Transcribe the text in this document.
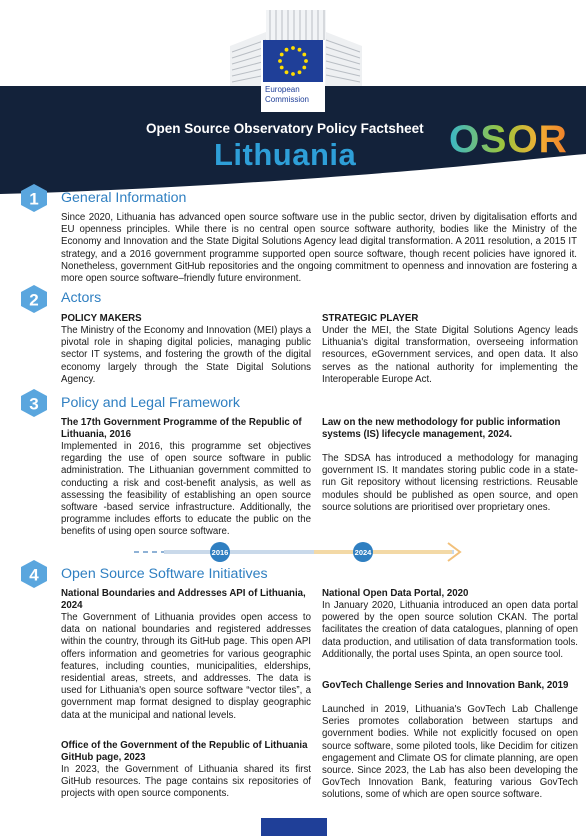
European
Commission
Open Source Observatory Policy Factsheet
Lithuania OSOR
1 General Information
Since 2020, Lithuania has advanced open source software use in the public sector, driven by digitalisation efforts and EU openness principles. While there is no central open source software authority, bodies like the Ministry of the Economy and Innovation and the State Digital Solutions Agency lead digital transformation. A 2011 resolution, a 2015 IT strategy, and a 2016 government programme supported open source software, though recent policies have ignored it. Nonetheless, government GitHub repositories and the ongoing commitment to openness and innovation are fostering a more open source software–friendly future environment.
2 Actors
POLICY MAKERS
The Ministry of the Economy and Innovation (MEI) plays a pivotal role in shaping digital policies, managing public sector IT systems, and fostering the growth of the digital economy largely through the State Digital Solutions Agency.
STRATEGIC PLAYER
Under the MEI, the State Digital Solutions Agency leads Lithuania's digital transformation, overseeing information resources, eGovernment services, and open data. It also serves as the national authority for implementing the Interoperable Europe Act.
3 Policy and Legal Framework
The 17th Government Programme of the Republic of Lithuania, 2016
Implemented in 2016, this programme set objectives regarding the use of open source software in public administration. The Lithuanian government committed to conducting a risk and cost-benefit analysis, as well as assessing the feasibility of establishing an open source software -based service infrastructure. Additionally, the programme includes efforts to educate the public on the benefits of using open source software.
Law on the new methodology for public information systems (IS) lifecycle management, 2024.
The SDSA has introduced a methodology for managing government IS. It mandates storing public code in a state-run Git repository without licensing restrictions. Reusable modules should be published as open source, and open source solutions are prioritised over proprietary ones.
2016	2024
4 Open Source Software Initiatives
National Boundaries and Addresses API of Lithuania, 2024
The Government of Lithuania provides open access to data on national boundaries and registered addresses within the country, through its GitHub page. This open API offers information and geometries for various geographic features, including counties, municipalities, elderships, residential areas, streets, and addresses. The data is used for Lithuania's open source software “vector tiles”, a government map format designed to display geographic data at the municipal and national levels.
Office of the Government of the Republic of Lithuania GitHub page, 2023
In 2023, the Government of Lithuania shared its first GitHub resources. The page contains six repositories of projects with open source components.
National Open Data Portal, 2020
In January 2020, Lithuania introduced an open data portal powered by the open source solution CKAN. The portal facilitates the creation of data catalogues, planning of open data production, and utilisation of data transformation tools. Additionally, the portal uses Spinta, an open source tool.
GovTech Challenge Series and Innovation Bank, 2019
Launched in 2019, Lithuania's GovTech Lab Challenge Series promotes collaboration between startups and government bodies. While not explicitly focused on open source software, some piloted tools, like Decidim for citizen engagement and Climate OS for climate planning, are open source. Since 2023, the Lab has also been developing the GovTech Innovation Bank, featuring various GovTech solutions, some of which are open source software.
